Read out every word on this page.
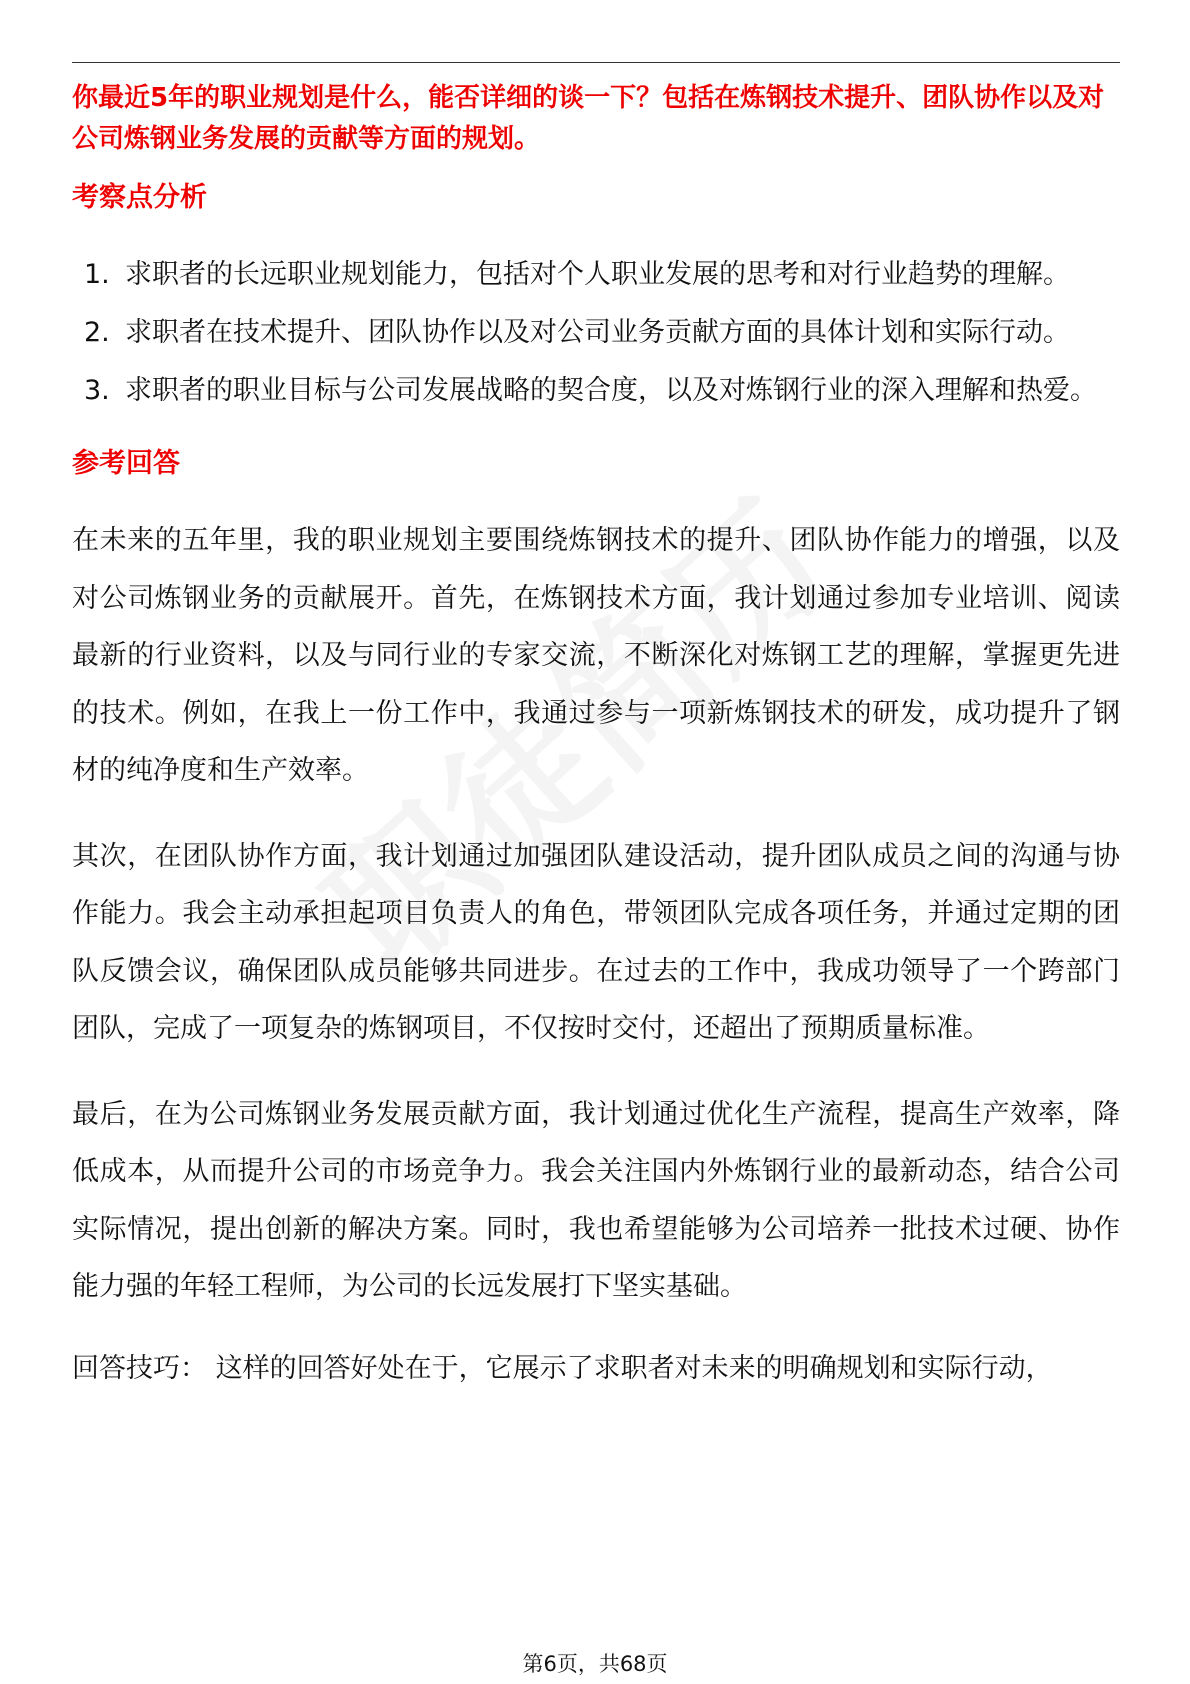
你最近5年的职业规划是什么，能否详细的谈一下？包括在炼钢技术提升、团队协作以及对公司炼钢业务发展的贡献等方面的规划。

考察点分析
1. 求职者的长远职业规划能力，包括对个人职业发展的思考和对行业趋势的理解。
2. 求职者在技术提升、团队协作以及对公司业务贡献方面的具体计划和实际行动。
3. 求职者的职业目标与公司发展战略的契合度，以及对炼钢行业的深入理解和热爱。
参考回答

在未来的五年里，我的职业规划主要围绕炼钢技术的提升、团队协作能力的增强，以及对公司炼钢业务的贡献展开。首先，在炼钢技术方面，我计划通过参加专业培训、阅读最新的行业资料，以及与同行业的专家交流，不断深化对炼钢工艺的理解，掌握更先进的技术。例如，在我上一份工作中，我通过参与一项新炼钢技术的研发，成功提升了钢材的纯净度和生产效率。

其次，在团队协作方面，我计划通过加强团队建设活动，提升团队成员之间的沟通与协作能力。我会主动承担起项目负责人的角色，带领团队完成各项任务，并通过定期的团队反馈会议，确保团队成员能够共同进步。在过去的工作中，我成功领导了一个跨部门团队，完成了一项复杂的炼钢项目，不仅按时交付，还超出了预期质量标准。

最后，在为公司炼钢业务发展贡献方面，我计划通过优化生产流程，提高生产效率，降低成本，从而提升公司的市场竞争力。我会关注国内外炼钢行业的最新动态，结合公司实际情况，提出创新的解决方案。同时，我也希望能够为公司培养一批技术过硬、协作能力强的年轻工程师，为公司的长远发展打下坚实基础。

回答技巧： 这样的回答好处在于，它展示了求职者对未来的明确规划和实际行动，

第6页，共68页
